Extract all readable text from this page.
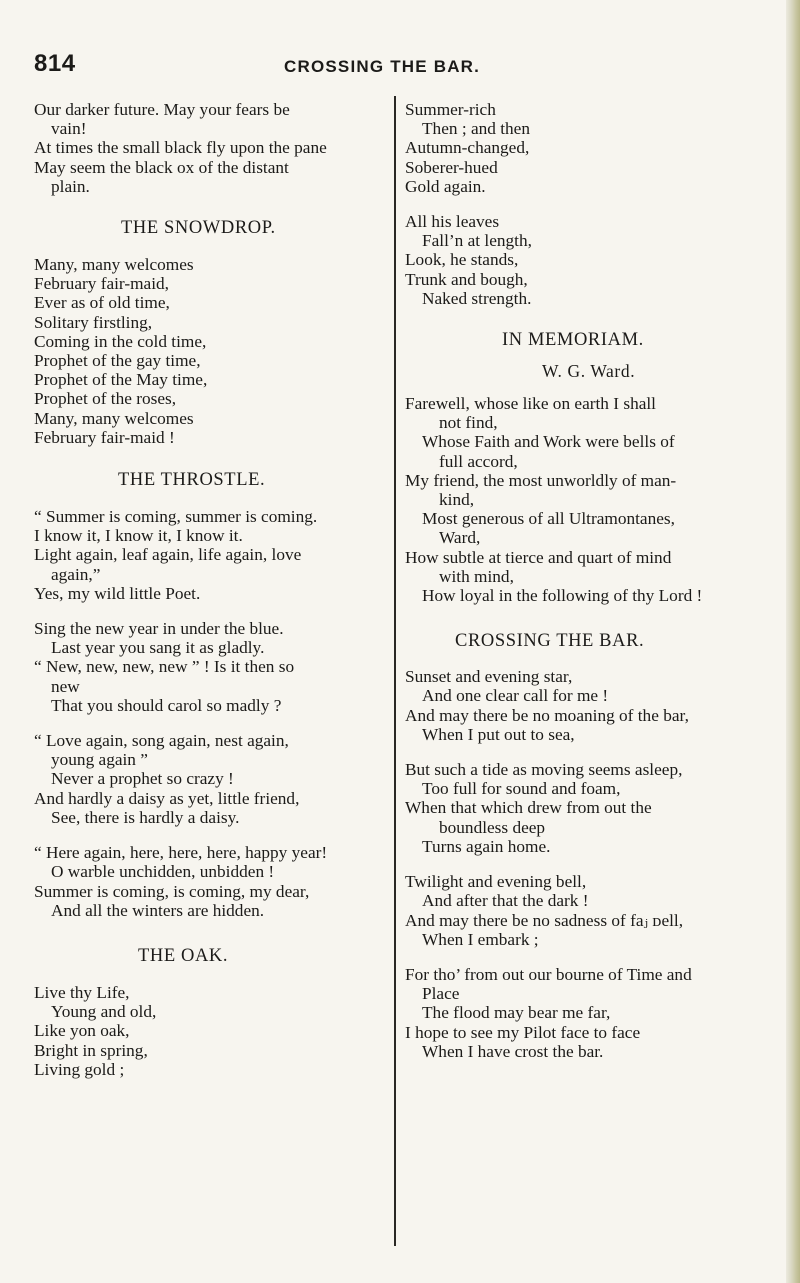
814	CROSSING THE BAR.
Our darker future. May your fears be
vain!
At times the small black fly upon the pane
May seem the black ox of the distant
plain.
THE SNOWDROP.
Many, many welcomes
February fair-maid,
Ever as of old time,
Solitary firstling,
Coming in the cold time,
Prophet of the gay time,
Prophet of the May time,
Prophet of the roses,
Many, many welcomes
February fair-maid !
THE THROSTLE.
“ Summer is coming, summer is coming.
I know it, I know it, I know it.
Light again, leaf again, life again, love
again,”
Yes, my wild little Poet.
Sing the new year in under the blue.
Last year you sang it as gladly.
“ New, new, new, new ” ! Is it then so
new
That you should carol so madly ?
“ Love again, song again, nest again,
young again ”
Never a prophet so crazy !
And hardly a daisy as yet, little friend,
See, there is hardly a daisy.
“ Here again, here, here, here, happy year!
O warble unchidden, unbidden !
Summer is coming, is coming, my dear,
And all the winters are hidden.
THE OAK.
Live thy Life,
Young and old,
Like yon oak,
Bright in spring,
Living gold ;
Summer-rich
Then ; and then
Autumn-changed,
Soberer-hued
Gold again.
All his leaves
Fall’n at length,
Look, he stands,
Trunk and bough,
Naked strength.
IN MEMORIAM.
W. G. Ward.
Farewell, whose like on earth I shall
not find,
Whose Faith and Work were bells of
full accord,
My friend, the most unworldly of man-
kind,
Most generous of all Ultramontanes,
Ward,
How subtle at tierce and quart of mind
with mind,
How loyal in the following of thy Lord !
CROSSING THE BAR.
Sunset and evening star,
And one clear call for me !
And may there be no moaning of the bar,
When I put out to sea,
But such a tide as moving seems asleep,
Too full for sound and foam,
When that which drew from out the
boundless deep
Turns again home.
Twilight and evening bell,
And after that the dark !
And may there be no sadness of faⱼ ᴅell,
When I embark ;
For tho’ from out our bourne of Time and
Place
The flood may bear me far,
I hope to see my Pilot face to face
When I have crost the bar.
